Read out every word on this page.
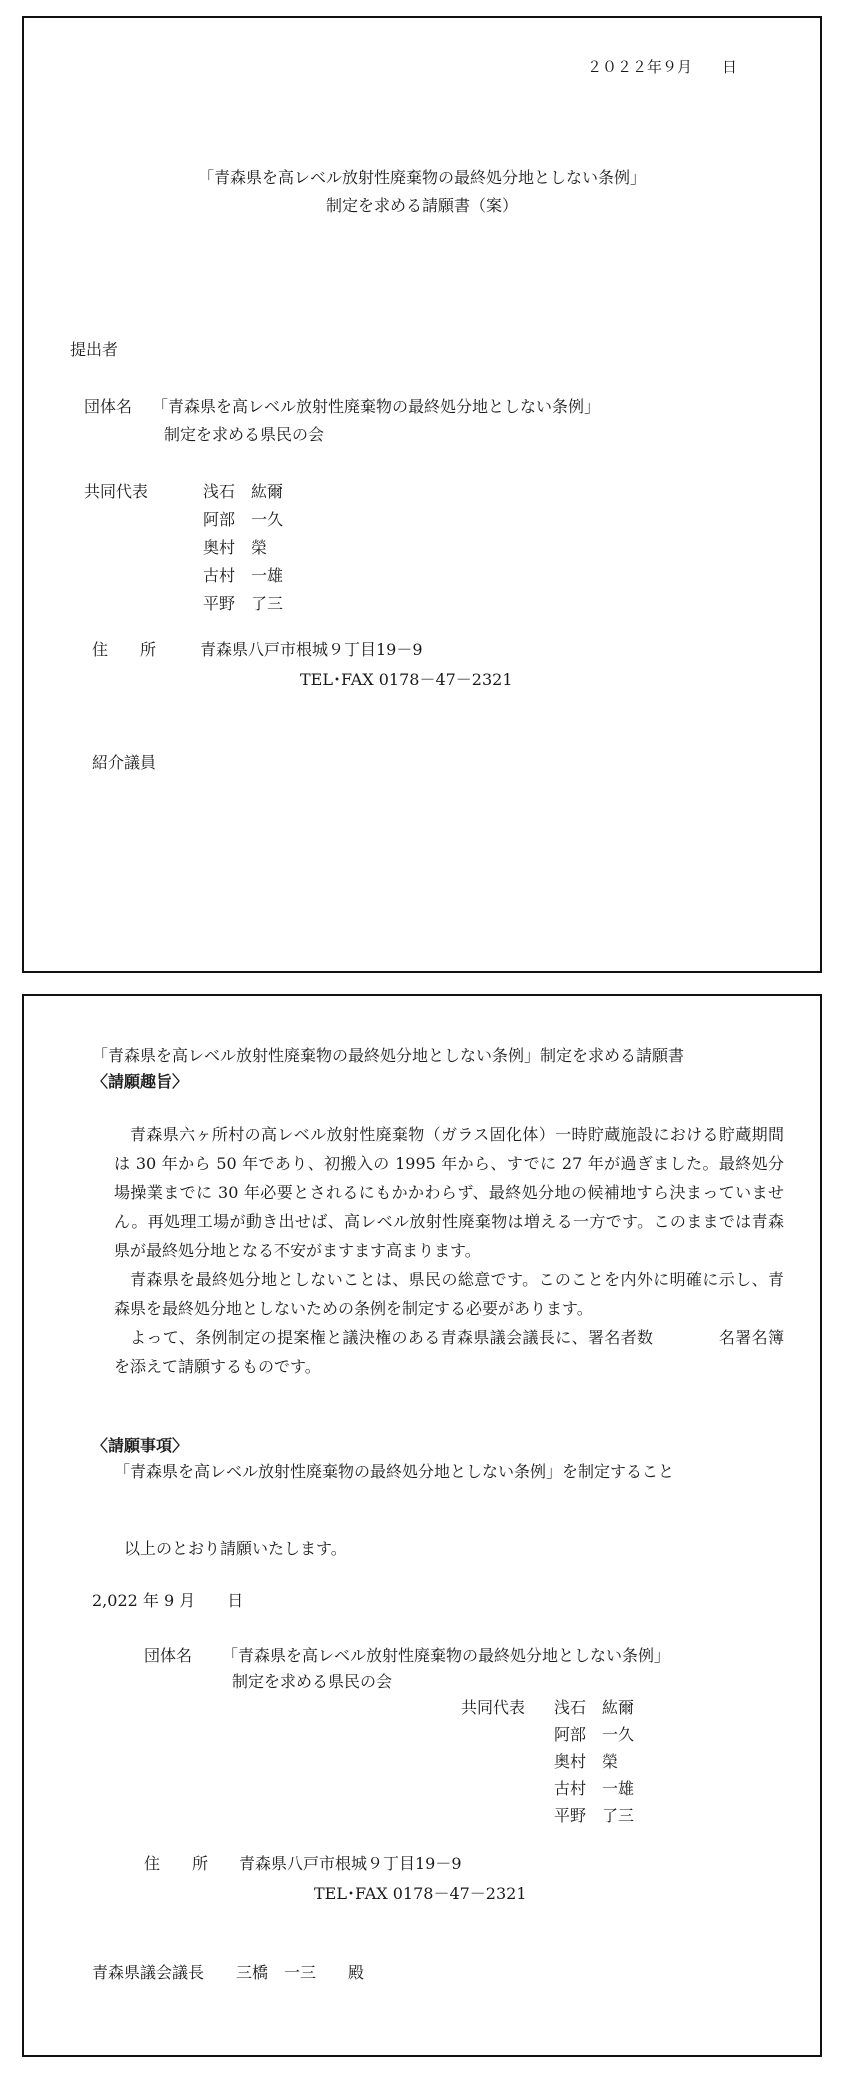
２０２２年９月　　日
「青森県を高レベル放射性廃棄物の最終処分地としない条例」
制定を求める請願書（案）
提出者
団体名 「青森県を高レベル放射性廃棄物の最終処分地としない条例」
制定を求める県民の会
共同代表	浅石　紘爾
阿部　一久
奥村　榮
古村　一雄
平野　了三
住　　所	青森県八戸市根城９丁目19－9
TEL･FAX 0178－47－2321
紹介議員
「青森県を高レベル放射性廃棄物の最終処分地としない条例」制定を求める請願書
〈請願趣旨〉

青森県六ヶ所村の高レベル放射性廃棄物（ガラス固化体）一時貯蔵施設における貯蔵期間は 30 年から 50 年であり、初搬入の 1995 年から、すでに 27 年が過ぎました。最終処分場操業までに 30 年必要とされるにもかかわらず、最終処分地の候補地すら決まっていません。再処理工場が動き出せば、高レベル放射性廃棄物は増える一方です。このままでは青森県が最終処分地となる不安がますます高まります。

青森県を最終処分地としないことは、県民の総意です。このことを内外に明確に示し、青森県を最終処分地としないための条例を制定する必要があります。

よって、条例制定の提案権と議決権のある青森県議会議長に、署名者数　　　　名署名簿を添えて請願するものです。

〈請願事項〉
「青森県を高レベル放射性廃棄物の最終処分地としない条例」を制定すること
以上のとおり請願いたします。
2,022 年 9 月　　日
団体名 「青森県を高レベル放射性廃棄物の最終処分地としない条例」
制定を求める県民の会
共同代表 浅石　紘爾
阿部　一久
奥村　榮
古村　一雄
平野　了三
住　　所 青森県八戸市根城９丁目19－9
TEL･FAX 0178－47－2321
青森県議会議長　　三橋　一三　　殿
